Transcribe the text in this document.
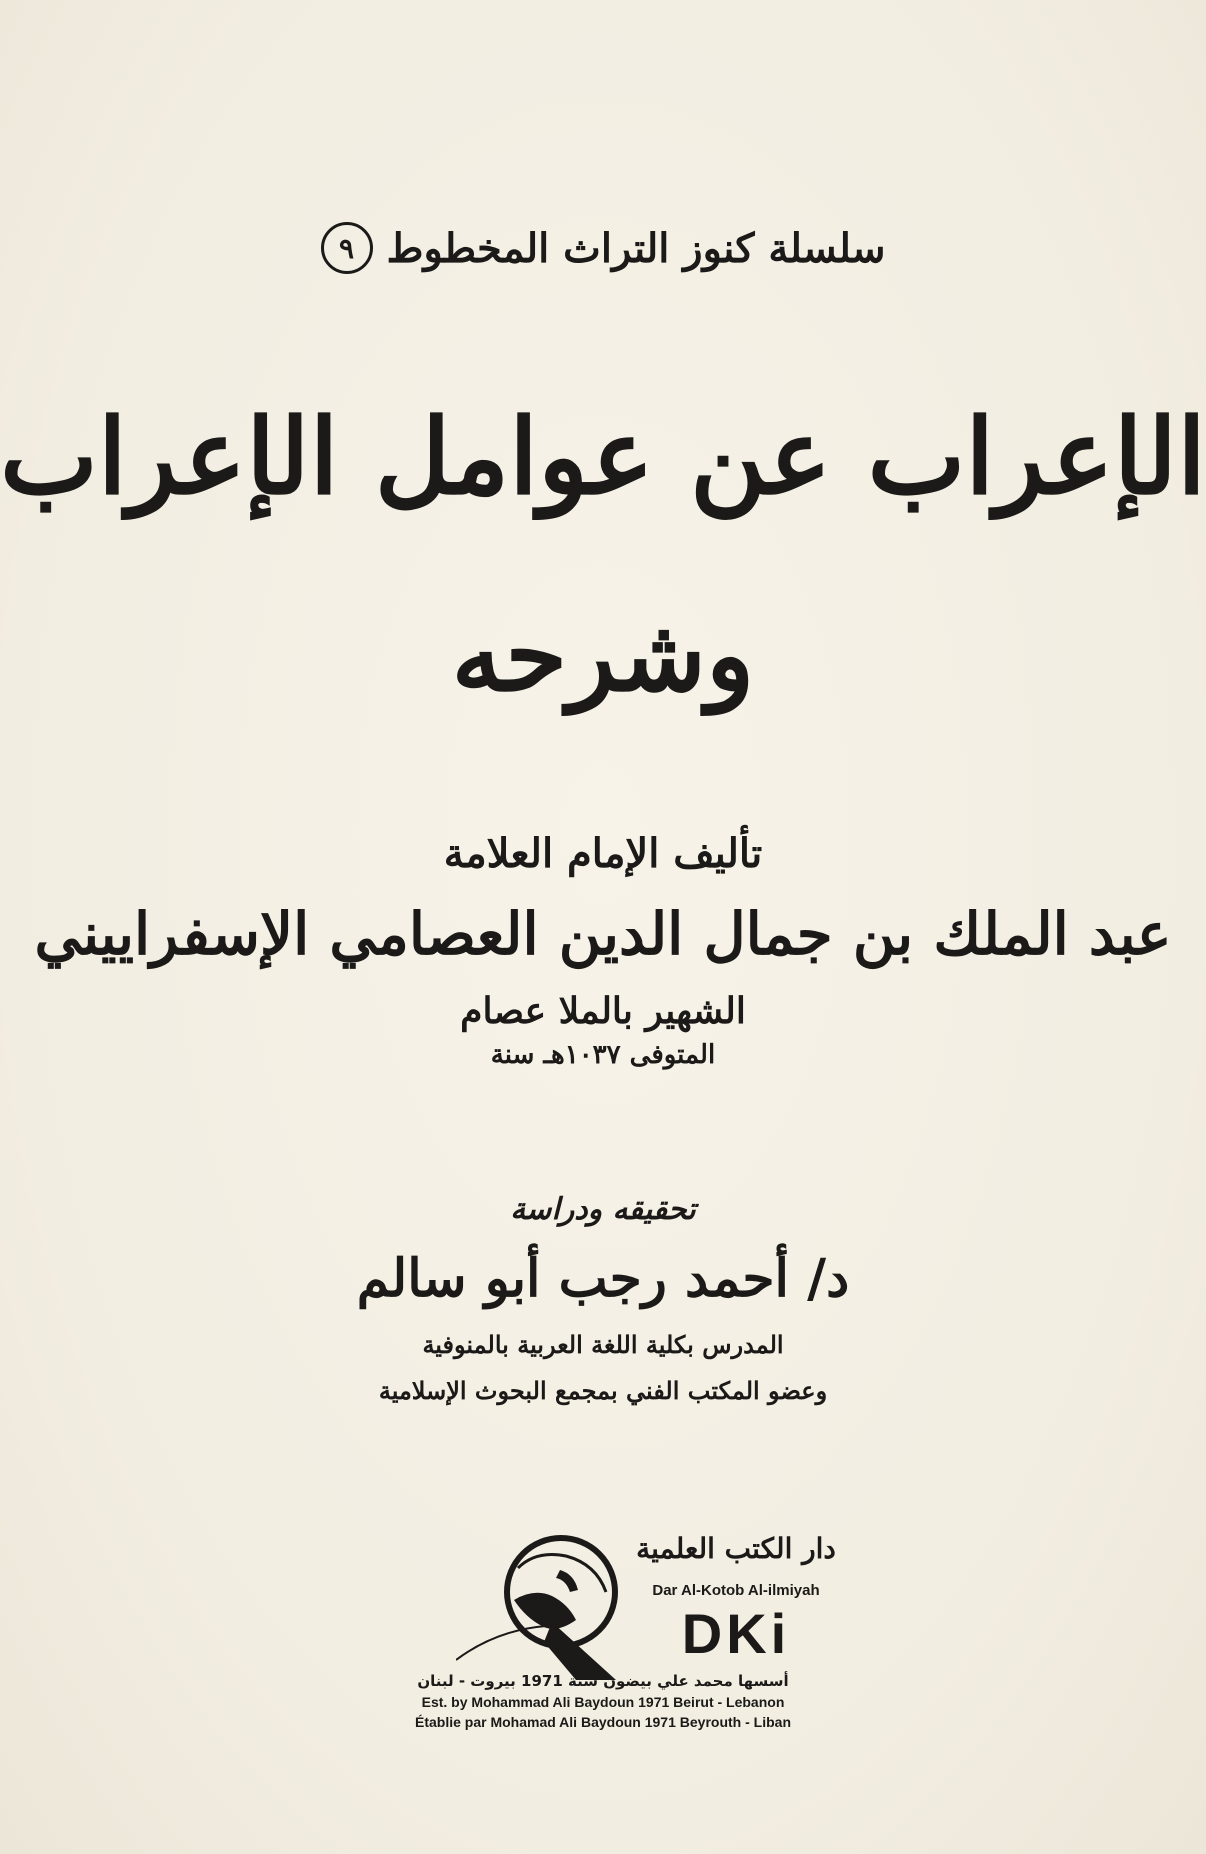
سلسلة كنوز التراث المخطوط
٩
الإعراب عن عوامل الإعراب
وشرحه
تأليف الإمام العلامة
عبد الملك بن جمال الدين العصامي الإسفراييني
الشهير بالملا عصام
المتوفى ١٠٣٧هـ سنة
تحقيقه ودراسة
د/ أحمد رجب أبو سالم
المدرس بكلية اللغة العربية بالمنوفية
وعضو المكتب الفني بمجمع البحوث الإسلامية
دار الكتب العلمية
Dar Al-Kotob Al-ilmiyah
DKi
أسسها محمد علي بيضون سنة 1971 بيروت - لبنان
Est. by Mohammad Ali Baydoun 1971 Beirut - Lebanon
Établie par Mohamad Ali Baydoun 1971 Beyrouth - Liban
